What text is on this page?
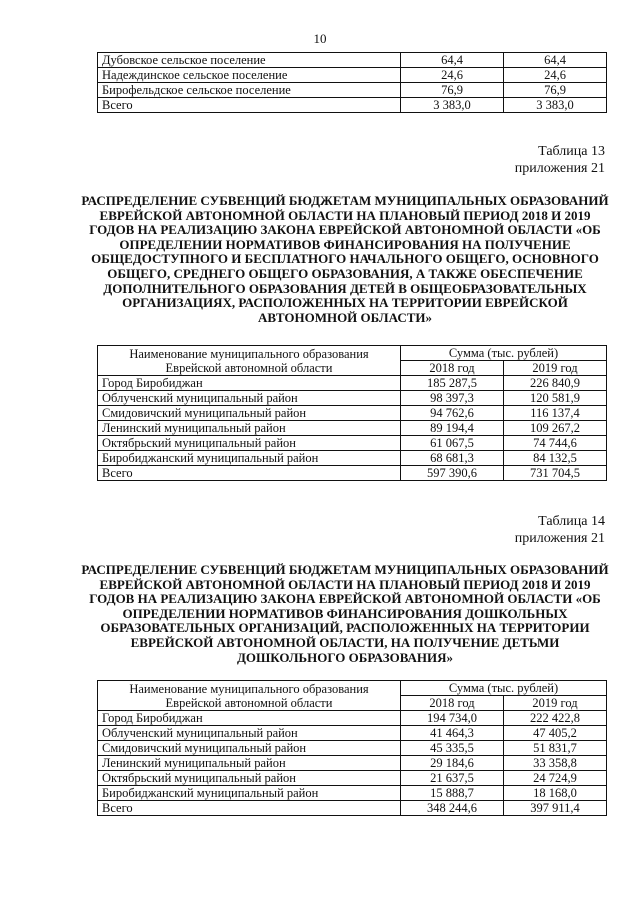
10
Дубовское сельское поселение	64,4	64,4
Надеждинское сельское поселение	24,6	24,6
Бирофельдское сельское поселение	76,9	76,9
Всего	3 383,0	3 383,0
Таблица 13
приложения 21
РАСПРЕДЕЛЕНИЕ СУБВЕНЦИЙ БЮДЖЕТАМ МУНИЦИПАЛЬНЫХ ОБРАЗОВАНИЙ ЕВРЕЙСКОЙ АВТОНОМНОЙ ОБЛАСТИ НА ПЛАНОВЫЙ ПЕРИОД 2018 И 2019 ГОДОВ НА РЕАЛИЗАЦИЮ ЗАКОНА ЕВРЕЙСКОЙ АВТОНОМНОЙ ОБЛАСТИ «ОБ ОПРЕДЕЛЕНИИ НОРМАТИВОВ ФИНАНСИРОВАНИЯ НА ПОЛУЧЕНИЕ ОБЩЕДОСТУПНОГО И БЕСПЛАТНОГО НАЧАЛЬНОГО ОБЩЕГО, ОСНОВНОГО ОБЩЕГО, СРЕДНЕГО ОБЩЕГО ОБРАЗОВАНИЯ, А ТАКЖЕ ОБЕСПЕЧЕНИЕ ДОПОЛНИТЕЛЬНОГО ОБРАЗОВАНИЯ ДЕТЕЙ В ОБЩЕОБРАЗОВАТЕЛЬНЫХ ОРГАНИЗАЦИЯХ, РАСПОЛОЖЕННЫХ НА ТЕРРИТОРИИ ЕВРЕЙСКОЙ АВТОНОМНОЙ ОБЛАСТИ»
Наименование муниципального образования Еврейской автономной области	Сумма (тыс. рублей)	
	2018 год	2019 год
Город Биробиджан	185 287,5	226 840,9
Облученский муниципальный район	98 397,3	120 581,9
Смидовичский муниципальный район	94 762,6	116 137,4
Ленинский муниципальный район	89 194,4	109 267,2
Октябрьский муниципальный район	61 067,5	74 744,6
Биробиджанский муниципальный район	68 681,3	84 132,5
Всего	597 390,6	731 704,5
Таблица 14
приложения 21
РАСПРЕДЕЛЕНИЕ СУБВЕНЦИЙ БЮДЖЕТАМ МУНИЦИПАЛЬНЫХ ОБРАЗОВАНИЙ ЕВРЕЙСКОЙ АВТОНОМНОЙ ОБЛАСТИ НА ПЛАНОВЫЙ ПЕРИОД 2018 И 2019 ГОДОВ НА РЕАЛИЗАЦИЮ ЗАКОНА ЕВРЕЙСКОЙ АВТОНОМНОЙ ОБЛАСТИ «ОБ ОПРЕДЕЛЕНИИ НОРМАТИВОВ ФИНАНСИРОВАНИЯ ДОШКОЛЬНЫХ ОБРАЗОВАТЕЛЬНЫХ ОРГАНИЗАЦИЙ, РАСПОЛОЖЕННЫХ НА ТЕРРИТОРИИ ЕВРЕЙСКОЙ АВТОНОМНОЙ ОБЛАСТИ, НА ПОЛУЧЕНИЕ ДЕТЬМИ ДОШКОЛЬНОГО ОБРАЗОВАНИЯ»
Наименование муниципального образования Еврейской автономной области	Сумма (тыс. рублей)	
	2018 год	2019 год
Город Биробиджан	194 734,0	222 422,8
Облученский муниципальный район	41 464,3	47 405,2
Смидовичский муниципальный район	45 335,5	51 831,7
Ленинский муниципальный район	29 184,6	33 358,8
Октябрьский муниципальный район	21 637,5	24 724,9
Биробиджанский муниципальный район	15 888,7	18 168,0
Всего	348 244,6	397 911,4
